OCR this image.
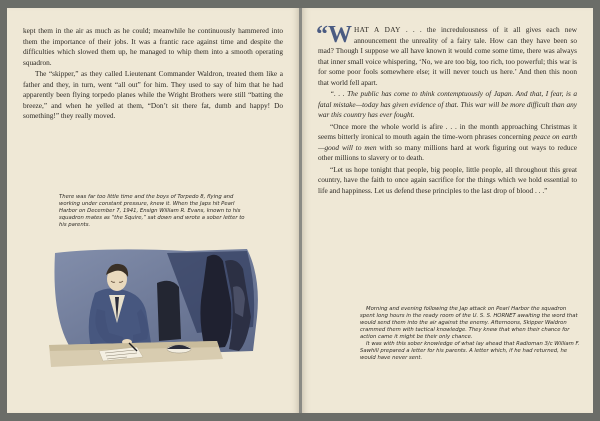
kept them in the air as much as he could; meanwhile he continuously hammered into them the importance of their jobs. It was a frantic race against time and despite the difficulties which slowed them up, he managed to whip them into a smooth operating squadron.

The “skipper,” as they called Lieutenant Commander Waldron, treated them like a father and they, in turn, went “all out” for him. They used to say of him that he had apparently been flying torpedo planes while the Wright Brothers were still “batting the breeze,” and when he yelled at them, “Don’t sit there fat, dumb and happy! Do something!” they really moved.

There was far too little time and the boys of Torpedo 8, flying and working under constant pressure, knew it. When the Japs hit Pearl Harbor on December 7, 1941, Ensign William R. Evans, known to his squadron mates as “the Squire,” sat down and wrote a sober letter to his parents.

“WHAT A DAY . . . the incredulousness of it all gives each new announcement the unreality of a fairy tale. How can they have been so mad? Though I suppose we all have known it would come some time, there was always that inner small voice whispering, ‘No, we are too big, too rich, too powerful; this war is for some poor fools somewhere else; it will never touch us here.’ And then this noon that world fell apart.

“. . . The public has come to think contemptuously of Japan. And that, I fear, is a fatal mistake—today has given evidence of that. This war will be more difficult than any war this country has ever fought.

“Once more the whole world is afire . . . in the month approaching Christmas it seems bitterly ironical to mouth again the time-worn phrases concerning peace on earth—good will to men with so many millions hard at work figuring out ways to reduce other millions to slavery or to death.

“Let us hope tonight that people, big people, little people, all throughout this great country, have the faith to once again sacrifice for the things which we hold essential to life and happiness. Let us defend these principles to the last drop of blood . . .”

Morning and evening following the Jap attack on Pearl Harbor the squadron spent long hours in the ready room of the U. S. S. HORNET awaiting the word that would send them into the air against the enemy. Afternoons, Skipper Waldron crammed them with tactical knowledge. They knew that when their chance for action came it might be their only chance.

It was with this sober knowledge of what lay ahead that Radioman 3/c William F. Sawhill prepared a letter for his parents. A letter which, if he had returned, he would have never sent.
